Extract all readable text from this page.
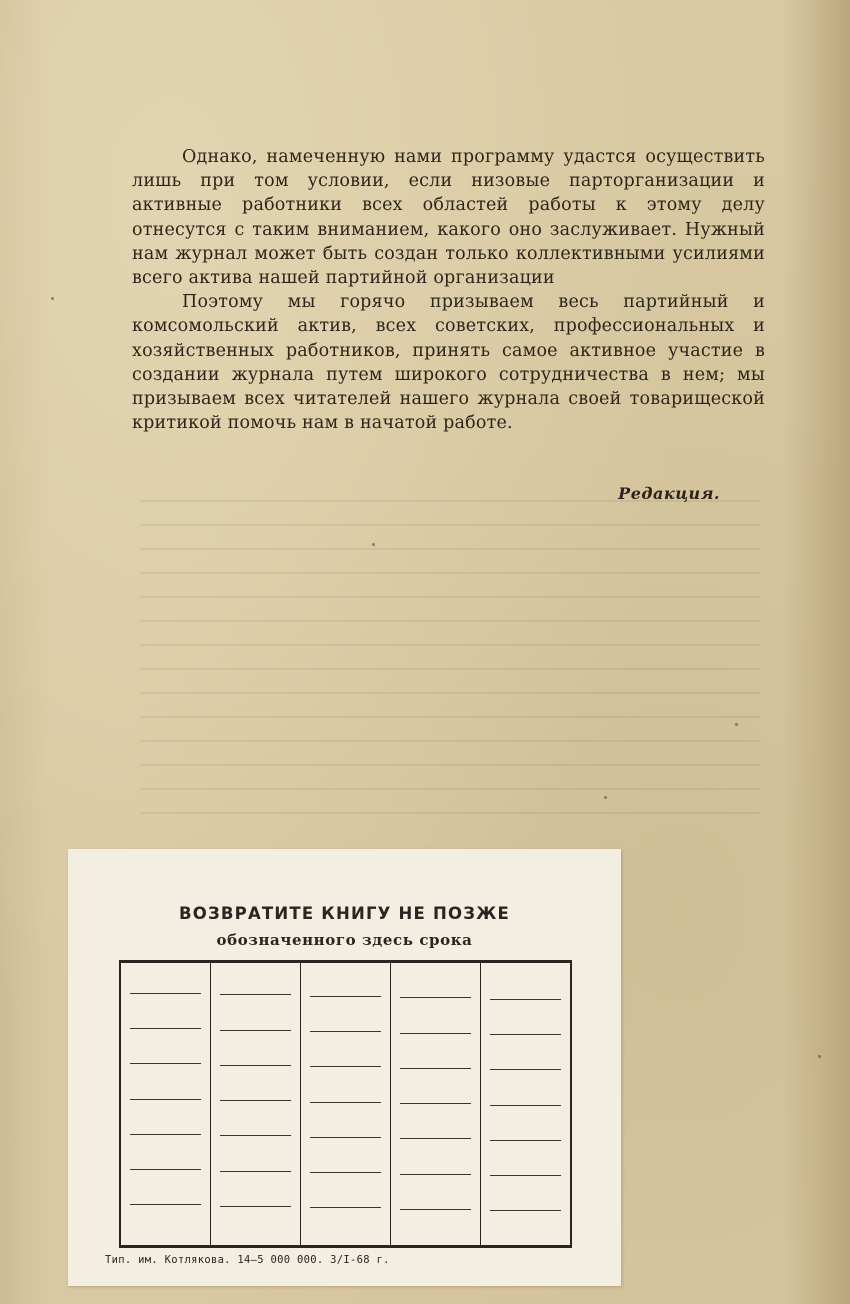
Однако, намеченную нами программу удастся осуществить лишь при том условии, если низовые парторганизации и активные работники всех областей работы к этому делу отнесутся с таким вниманием, какого оно заслуживает. Нужный нам журнал может быть создан только коллективными усилиями всего актива нашей партийной организации

Поэтому мы горячо призываем весь партийный и комсомольский актив, всех советских, профессиональных и хозяйственных работников, принять самое активное участие в создании журнала путем широкого сотрудничества в нем; мы призываем всех читателей нашего журнала своей товарищеской критикой помочь нам в начатой работе.

Редакция.
ВОЗВРАТИТЕ КНИГУ НЕ ПОЗЖЕ
обозначенного здесь срока
Тип. им. Котлякова. 14—5 000 000. 3/I-68 г.
